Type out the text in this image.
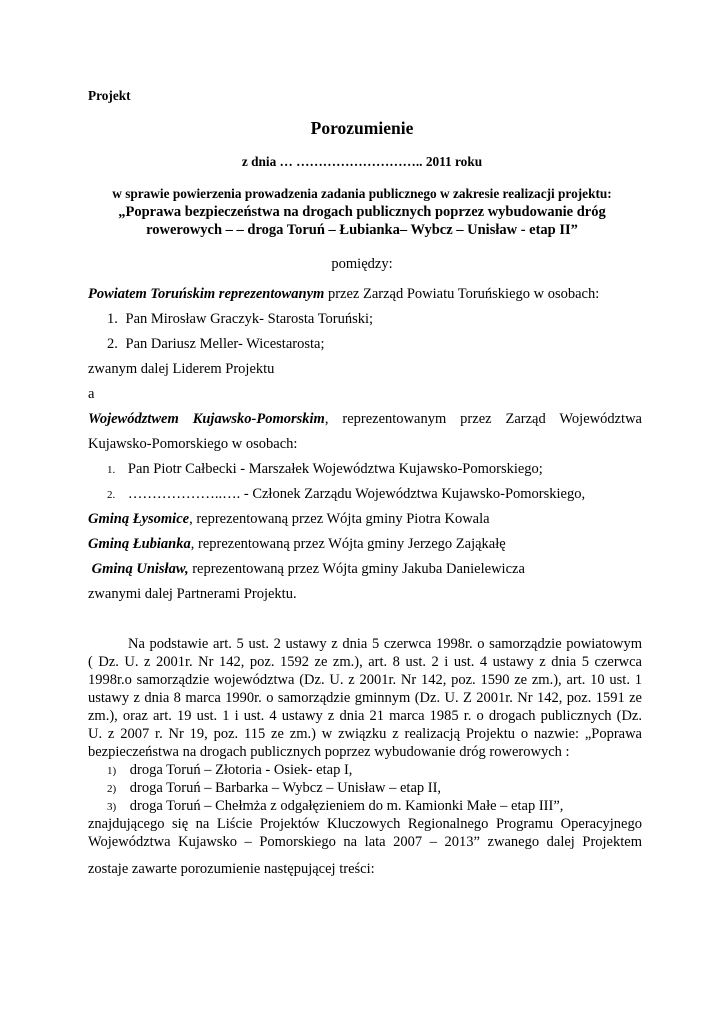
Projekt
Porozumienie
z dnia … ……………………….. 2011 roku
w sprawie powierzenia prowadzenia zadania publicznego w zakresie realizacji projektu:
„Poprawa bezpieczeństwa na drogach publicznych poprzez wybudowanie dróg
rowerowych – – droga Toruń – Łubianka– Wybcz – Unisław - etap II”
pomiędzy:
Powiatem Toruńskim reprezentowanym przez Zarząd Powiatu Toruńskiego w osobach:
1. Pan Mirosław Graczyk- Starosta Toruński;
2. Pan Dariusz Meller- Wicestarosta;
zwanym dalej Liderem Projektu
a
Województwem Kujawsko-Pomorskim, reprezentowanym przez Zarząd Województwa
Kujawsko-Pomorskiego w osobach:
1. Pan Piotr Całbecki - Marszałek Województwa Kujawsko-Pomorskiego;
2. ………………..…. - Członek Zarządu Województwa Kujawsko-Pomorskiego,
Gminą Łysomice, reprezentowaną przez Wójta gminy Piotra Kowala
Gminą Łubianka, reprezentowaną przez Wójta gminy Jerzego Zająkałę
Gminą Unisław, reprezentowaną przez Wójta gminy Jakuba Danielewicza
zwanymi dalej Partnerami Projektu.
Na podstawie art. 5 ust. 2 ustawy z dnia 5 czerwca 1998r. o samorządzie powiatowym
( Dz. U. z 2001r. Nr 142, poz. 1592 ze zm.), art. 8 ust. 2 i ust. 4 ustawy z dnia 5 czerwca
1998r.o samorządzie województwa (Dz. U. z 2001r. Nr 142, poz. 1590 ze zm.), art. 10 ust. 1
ustawy z dnia 8 marca 1990r. o samorządzie gminnym (Dz. U. Z 2001r. Nr 142, poz. 1591 ze
zm.), oraz art. 19 ust. 1 i ust. 4 ustawy z dnia 21 marca 1985 r. o drogach publicznych (Dz.
U. z 2007 r. Nr 19, poz. 115 ze zm.) w związku z realizacją Projektu o nazwie: „Poprawa
bezpieczeństwa na drogach publicznych poprzez wybudowanie dróg rowerowych :
1) droga Toruń – Złotoria - Osiek- etap I,
2) droga Toruń – Barbarka – Wybcz – Unisław – etap II,
3) droga Toruń – Chełmża z odgałęzieniem do m. Kamionki Małe – etap III”,
znajdującego się na Liście Projektów Kluczowych Regionalnego Programu Operacyjnego
Województwa Kujawsko – Pomorskiego na lata 2007 – 2013” zwanego dalej Projektem
zostaje zawarte porozumienie następującej treści:
